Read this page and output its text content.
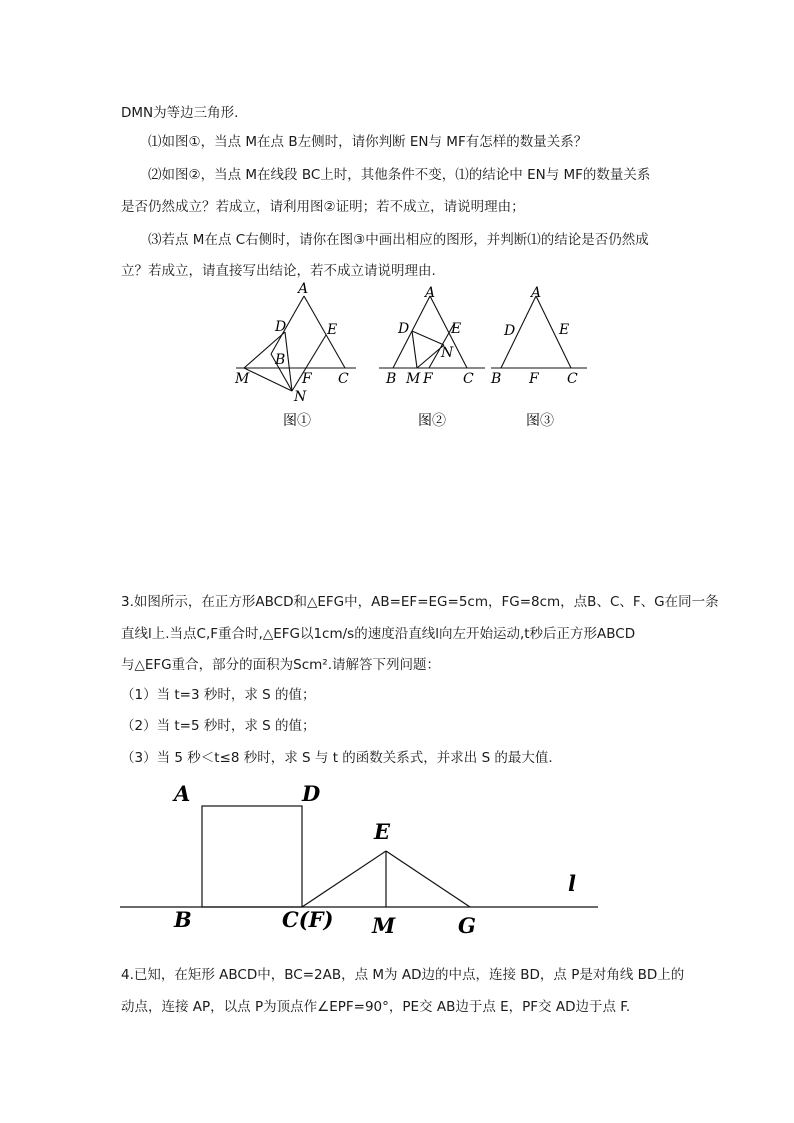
DMN为等边三角形.
⑴如图①，当点 M在点 B左侧时，请你判断 EN与 MF有怎样的数量关系？
⑵如图②，当点 M在线段 BC上时，其他条件不变，⑴的结论中 EN与 MF的数量关系
是否仍然成立？若成立，请利用图②证明；若不成立，请说明理由；
⑶若点 M在点 C右侧时，请你在图③中画出相应的图形，并判断⑴的结论是否仍然成
立？若成立，请直接写出结论，若不成立请说明理由.
A
D	E
B
M	F C
N
图①
A
D	E
N
B M F C
图②
A
D	E
B F C
图③
3.如图所示，在正方形ABCD和△EFG中，AB=EF=EG=5cm，FG=8cm，点B、C、F、G在同一条
直线l上.当点C,F重合时,△EFG以1cm/s的速度沿直线l向左开始运动,t秒后正方形ABCD
与△EFG重合，部分的面积为Scm².请解答下列问题：
（1）当 t=3 秒时，求 S 的值；
（2）当 t=5 秒时，求 S 的值；
（3）当 5 秒＜t≤8 秒时，求 S 与 t 的函数关系式，并求出 S 的最大值.
A	D
E
B	C(F) M	G
l
4.已知，在矩形 ABCD中，BC=2AB，点 M为 AD边的中点，连接 BD，点 P是对角线 BD上的
动点，连接 AP，以点 P为顶点作∠EPF=90°，PE交 AB边于点 E，PF交 AD边于点 F.
